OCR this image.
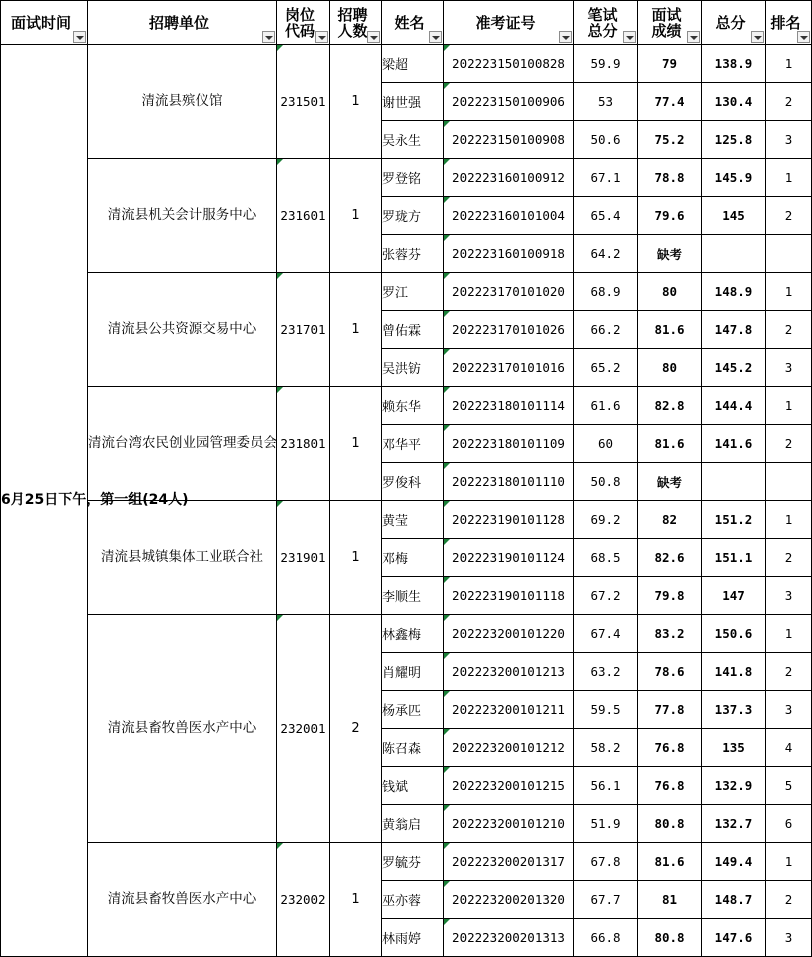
面试时间	招聘单位	岗位代码	招聘人数	姓名	准考证号	笔试总分	面试成绩	总分	排名

6月25日下午，第一组(24人)	清流县殡仪馆	231501	1	梁超	202223150100828	59.9	79	138.9	1
				谢世强	202223150100906	53	77.4	130.4	2
				吴永生	202223150100908	50.6	75.2	125.8	3
	清流县机关会计服务中心	231601	1	罗登铭	202223160100912	67.1	78.8	145.9	1
				罗珑方	202223160101004	65.4	79.6	145	2
				张蓉芬	202223160100918	64.2	缺考		
	清流县公共资源交易中心	231701	1	罗江	202223170101020	68.9	80	148.9	1
				曾佑霖	202223170101026	66.2	81.6	147.8	2
				吴洪钫	202223170101016	65.2	80	145.2	3
	清流台湾农民创业园管理委员会	231801	1	赖东华	202223180101114	61.6	82.8	144.4	1
				邓华平	202223180101109	60	81.6	141.6	2
				罗俊科	202223180101110	50.8	缺考		
	清流县城镇集体工业联合社	231901	1	黄莹	202223190101128	69.2	82	151.2	1
				邓梅	202223190101124	68.5	82.6	151.1	2
				李顺生	202223190101118	67.2	79.8	147	3
	清流县畜牧兽医水产中心	232001	2	林鑫梅	202223200101220	67.4	83.2	150.6	1
				肖耀明	202223200101213	63.2	78.6	141.8	2
				杨承匹	202223200101211	59.5	77.8	137.3	3
				陈召森	202223200101212	58.2	76.8	135	4
				钱斌	202223200101215	56.1	76.8	132.9	5
				黄翁启	202223200101210	51.9	80.8	132.7	6
	清流县畜牧兽医水产中心	232002	1	罗毓芬	202223200201317	67.8	81.6	149.4	1
				巫亦蓉	202223200201320	67.7	81	148.7	2
				林雨婷	202223200201313	66.8	80.8	147.6	3
